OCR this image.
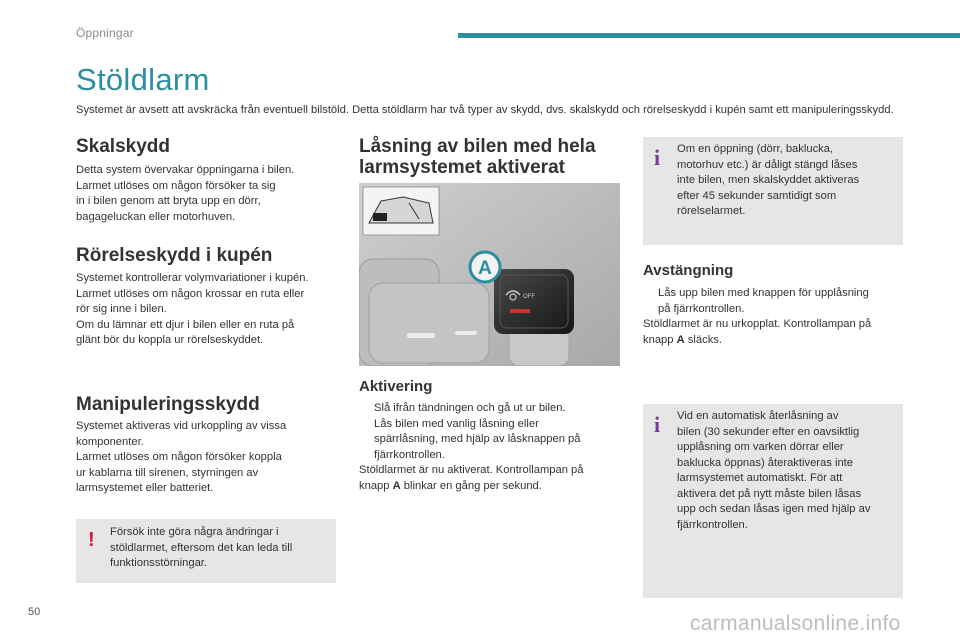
Öppningar
Stöldlarm
Systemet är avsett att avskräcka från eventuell bilstöld. Detta stöldlarm har två typer av skydd, dvs. skalskydd och rörelseskydd i kupén samt ett manipuleringsskydd.
Skalskydd
Detta system övervakar öppningarna i bilen.
Larmet utlöses om någon försöker ta sig
in i bilen genom att bryta upp en dörr,
bagageluckan eller motorhuven.
Rörelseskydd i kupén
Systemet kontrollerar volymvariationer i kupén.
Larmet utlöses om någon krossar en ruta eller
rör sig inne i bilen.
Om du lämnar ett djur i bilen eller en ruta på
glänt bör du koppla ur rörelseskyddet.
Manipuleringsskydd
Systemet aktiveras vid urkoppling av vissa
komponenter.
Larmet utlöses om någon försöker koppla
ur kablarna till sirenen, styrningen av
larmsystemet eller batteriet.
! Försök inte göra några ändringar i
stöldlarmet, eftersom det kan leda till
funktionsstörningar.
Låsning av bilen med hela
larmsystemet aktiverat
A
OFF
Aktivering
Slå ifrån tändningen och gå ut ur bilen.
Lås bilen med vanlig låsning eller
spärrlåsning, med hjälp av låsknappen på
fjärrkontrollen.
Stöldlarmet är nu aktiverat. Kontrollampan på
knapp A blinkar en gång per sekund.
i Om en öppning (dörr, baklucka,
motorhuv etc.) är dåligt stängd låses
inte bilen, men skalskyddet aktiveras
efter 45 sekunder samtidigt som
rörelselarmet.
Avstängning
Lås upp bilen med knappen för upplåsning
på fjärrkontrollen.
Stöldlarmet är nu urkopplat. Kontrollampan på
knapp A släcks.
i Vid en automatisk återlåsning av
bilen (30 sekunder efter en oavsiktlig
upplåsning om varken dörrar eller
baklucka öppnas) återaktiveras inte
larmsystemet automatiskt. För att
aktivera det på nytt måste bilen låsas
upp och sedan låsas igen med hjälp av
fjärrkontrollen.
50	carmanualsonline.info
